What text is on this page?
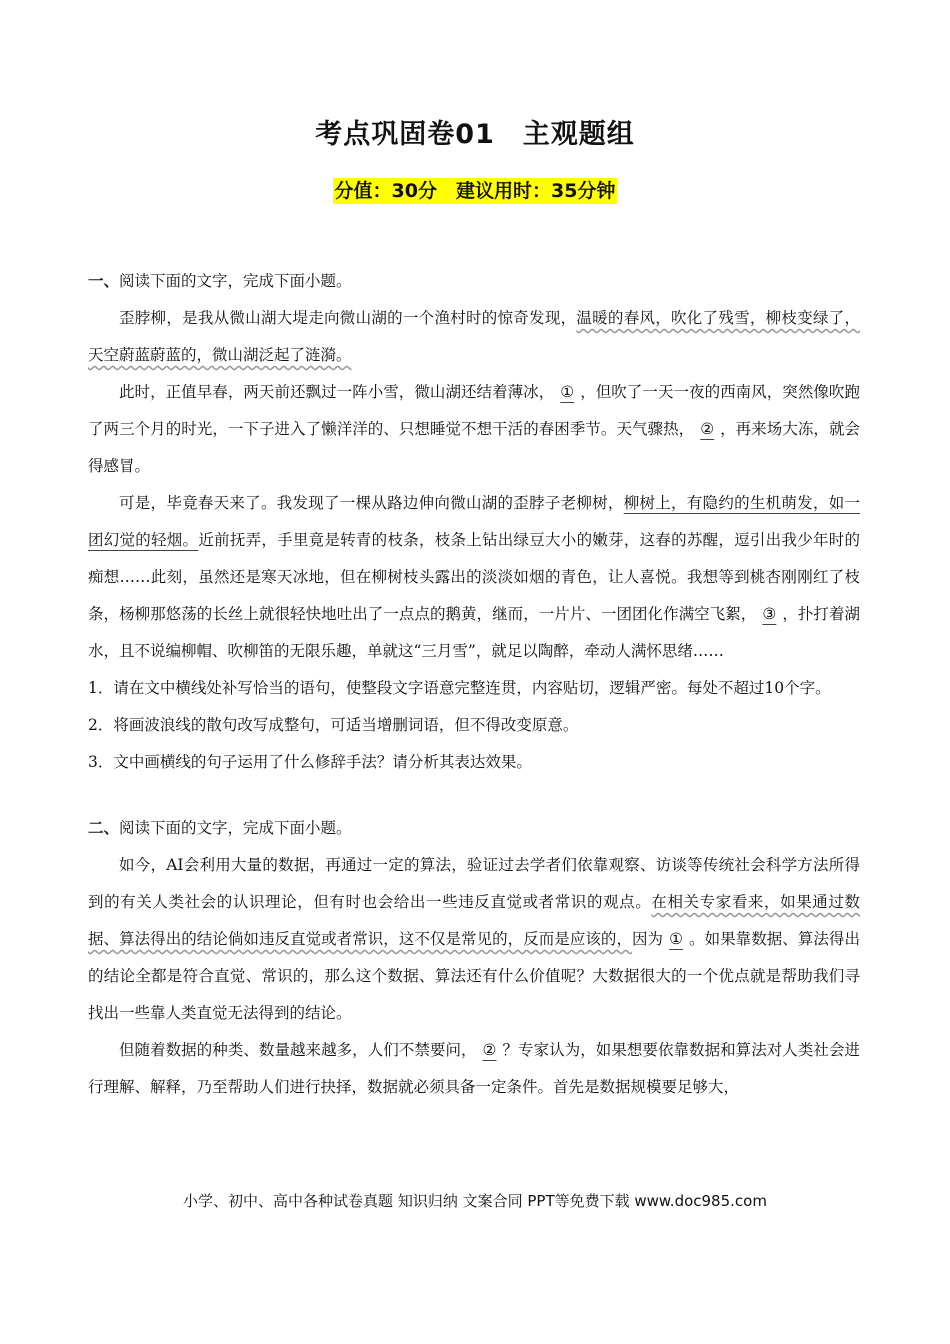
考点巩固卷01　主观题组
分值：30分　建议用时：35分钟

一、阅读下面的文字，完成下面小题。

歪脖柳，是我从微山湖大堤走向微山湖的一个渔村时的惊奇发现，温暖的春风，吹化了残雪，柳枝变绿了，天空蔚蓝蔚蓝的，微山湖泛起了涟漪。

此时，正值早春，两天前还飘过一阵小雪，微山湖还结着薄冰， ① ，但吹了一天一夜的西南风，突然像吹跑了两三个月的时光，一下子进入了懒洋洋的、只想睡觉不想干活的春困季节。天气骤热， ② ，再来场大冻，就会得感冒。

可是，毕竟春天来了。我发现了一棵从路边伸向微山湖的歪脖子老柳树，柳树上，有隐约的生机萌发，如一团幻觉的轻烟。近前抚弄，手里竟是转青的枝条，枝条上钻出绿豆大小的嫩芽，这春的苏醒，逗引出我少年时的痴想……此刻，虽然还是寒天冰地，但在柳树枝头露出的淡淡如烟的青色，让人喜悦。我想等到桃杏刚刚红了枝条，杨柳那悠荡的长丝上就很轻快地吐出了一点点的鹅黄，继而，一片片、一团团化作满空飞絮， ③ ，扑打着湖水，且不说编柳帽、吹柳笛的无限乐趣，单就这“三月雪”，就足以陶醉，牵动人满怀思绪……

1．请在文中横线处补写恰当的语句，使整段文字语意完整连贯，内容贴切，逻辑严密。每处不超过10个字。

2．将画波浪线的散句改写成整句，可适当增删词语，但不得改变原意。

3．文中画横线的句子运用了什么修辞手法？请分析其表达效果。

二、阅读下面的文字，完成下面小题。

如今，AI会利用大量的数据，再通过一定的算法，验证过去学者们依靠观察、访谈等传统社会科学方法所得到的有关人类社会的认识理论，但有时也会给出一些违反直觉或者常识的观点。在相关专家看来，如果通过数据、算法得出的结论倘如违反直觉或者常识，这不仅是常见的，反而是应该的，因为 ① 。如果靠数据、算法得出的结论全都是符合直觉、常识的，那么这个数据、算法还有什么价值呢？大数据很大的一个优点就是帮助我们寻找出一些靠人类直觉无法得到的结论。

但随着数据的种类、数量越来越多，人们不禁要问， ② ？专家认为，如果想要依靠数据和算法对人类社会进行理解、解释，乃至帮助人们进行抉择，数据就必须具备一定条件。首先是数据规模要足够大，

小学、初中、高中各种试卷真题 知识归纳 文案合同 PPT等免费下载 www.doc985.com
